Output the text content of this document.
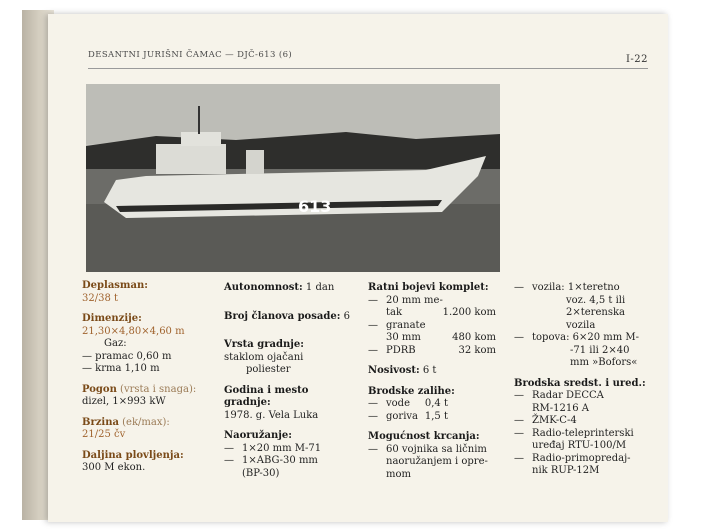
DESANTNI JURIŠNI ČAMAC — DJČ-613 (6)	I-22
613
Deplasman:
32/38 t
Dimenzije:
21,30×4,80×4,60 m
Gaz:
— pramac 0,60 m
— krma 1,10 m
Pogon (vrsta i snaga):
dizel, 1×993 kW
Brzina (ek/max):
21/25 čv
Daljina plovljenja:
300 M ekon.
Autonomnost: 1 dan
Broj članova posade: 6
Vrsta gradnje:
staklom ojačani
poliester
Godina i mesto gradnje:
1978. g. Vela Luka
Naoružanje:
— 1×20 mm M-71
— 1×ABG-30 mm
(BP-30)
Ratni bojevi komplet:
— 20 mm me-
tak	1.200 kom
— granate
30 mm	480 kom
— PDRB	32 kom
Nosivost: 6 t
Brodske zalihe:
— vode 0,4 t
— goriva 1,5 t
Mogućnost krcanja:
— 60 vojnika sa ličnim
naoružanjem i opre-
mom
— vozila: 1×teretno
voz. 4,5 t ili
2×terenska
vozila
— topova: 6×20 mm M-
-71 ili 2×40
mm »Bofors«
Brodska sredst. i ured.:
— Radar DECCA
RM-1216 A
— ŽMK-C-4
— Radio-teleprinterski
uređaj RTU-100/M
— Radio-primopredaj-
nik RUP-12M
